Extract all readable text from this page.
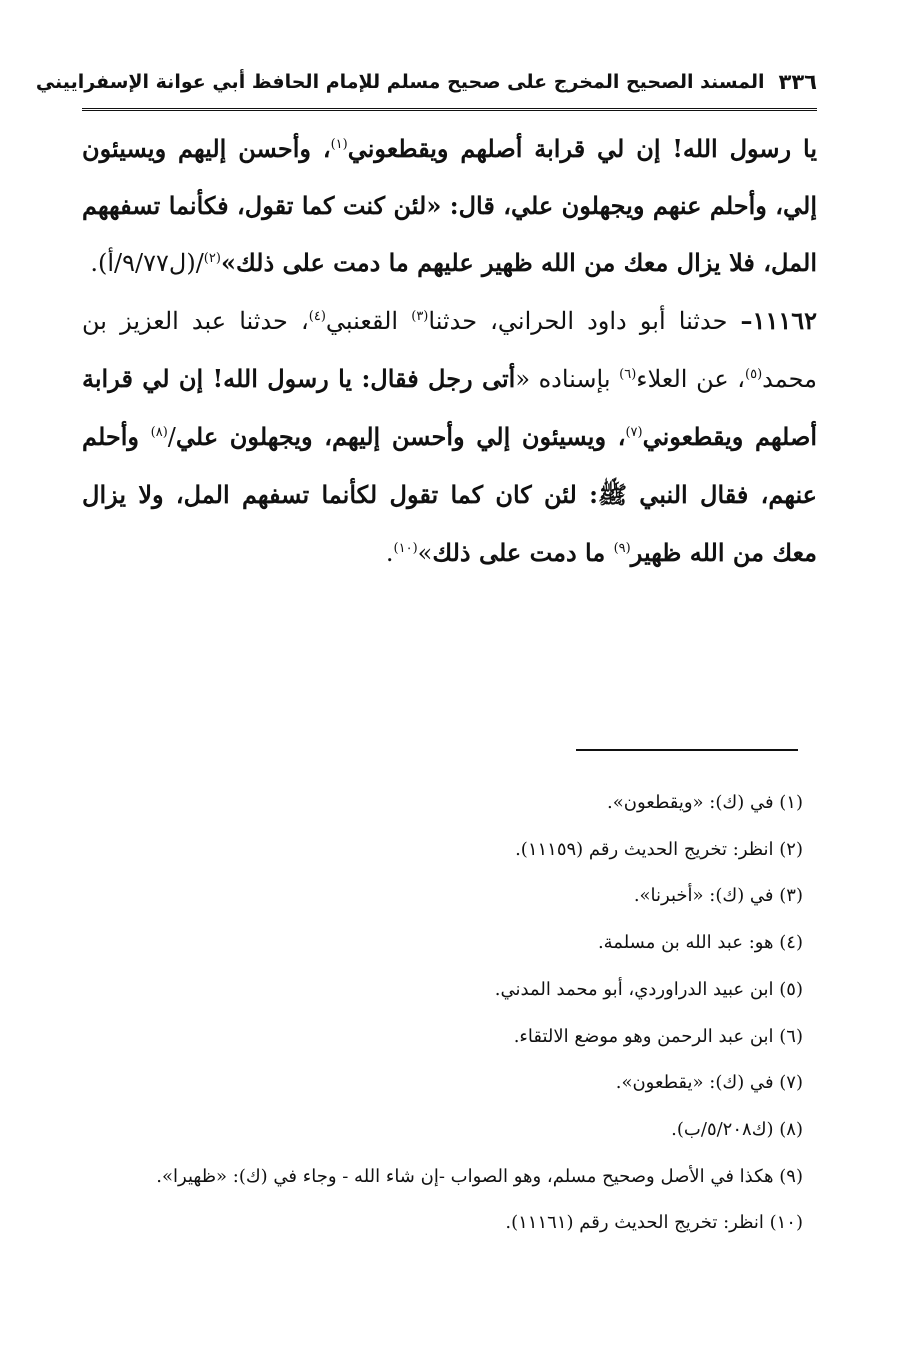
٣٣٦
المسند الصحيح المخرج على صحيح مسلم للإمام الحافظ أبي عوانة الإسفراييني

يا رسول الله! إن لي قرابة أصلهم ويقطعوني$^{(١)}$، وأحسن إليهم ويسيئون إلي، وأحلم عنهم ويجهلون علي، قال: «لئن كنت كما تقول، فكأنما تسفههم المل، فلا يزال معك من الله ظهير عليهم ما دمت على ذلك»$^{(٢)}$/(ل٩/٧٧/أ).

١١١٦٢– حدثنا أبو داود الحراني، حدثنا$^{(٣)}$ القعنبي$^{(٤)}$، حدثنا عبد العزيز بن محمد$^{(٥)}$، عن العلاء$^{(٦)}$ بإسناده «أتى رجل فقال: يا رسول الله! إن لي قرابة أصلهم ويقطعوني$^{(٧)}$، ويسيئون إلي وأحسن إليهم، ويجهلون علي/$^{(٨)}$ وأحلم عنهم، فقال النبي ﷺ: لئن كان كما تقول لكأنما تسفهم المل، ولا يزال معك من الله ظهير$^{(٩)}$ ما دمت على ذلك»$^{(١٠)}$.

(١) في (ك): «ويقطعون».

(٢) انظر: تخريج الحديث رقم (١١١٥٩).

(٣) في (ك): «أخبرنا».

(٤) هو: عبد الله بن مسلمة.

(٥) ابن عبيد الدراوردي، أبو محمد المدني.

(٦) ابن عبد الرحمن وهو موضع الالتقاء.

(٧) في (ك): «يقطعون».

(٨) (ك٥/٢٠٨/ب).

(٩) هكذا في الأصل وصحيح مسلم، وهو الصواب -إن شاء الله - وجاء في (ك): «ظهيرا».

(١٠) انظر: تخريج الحديث رقم (١١١٦١).
